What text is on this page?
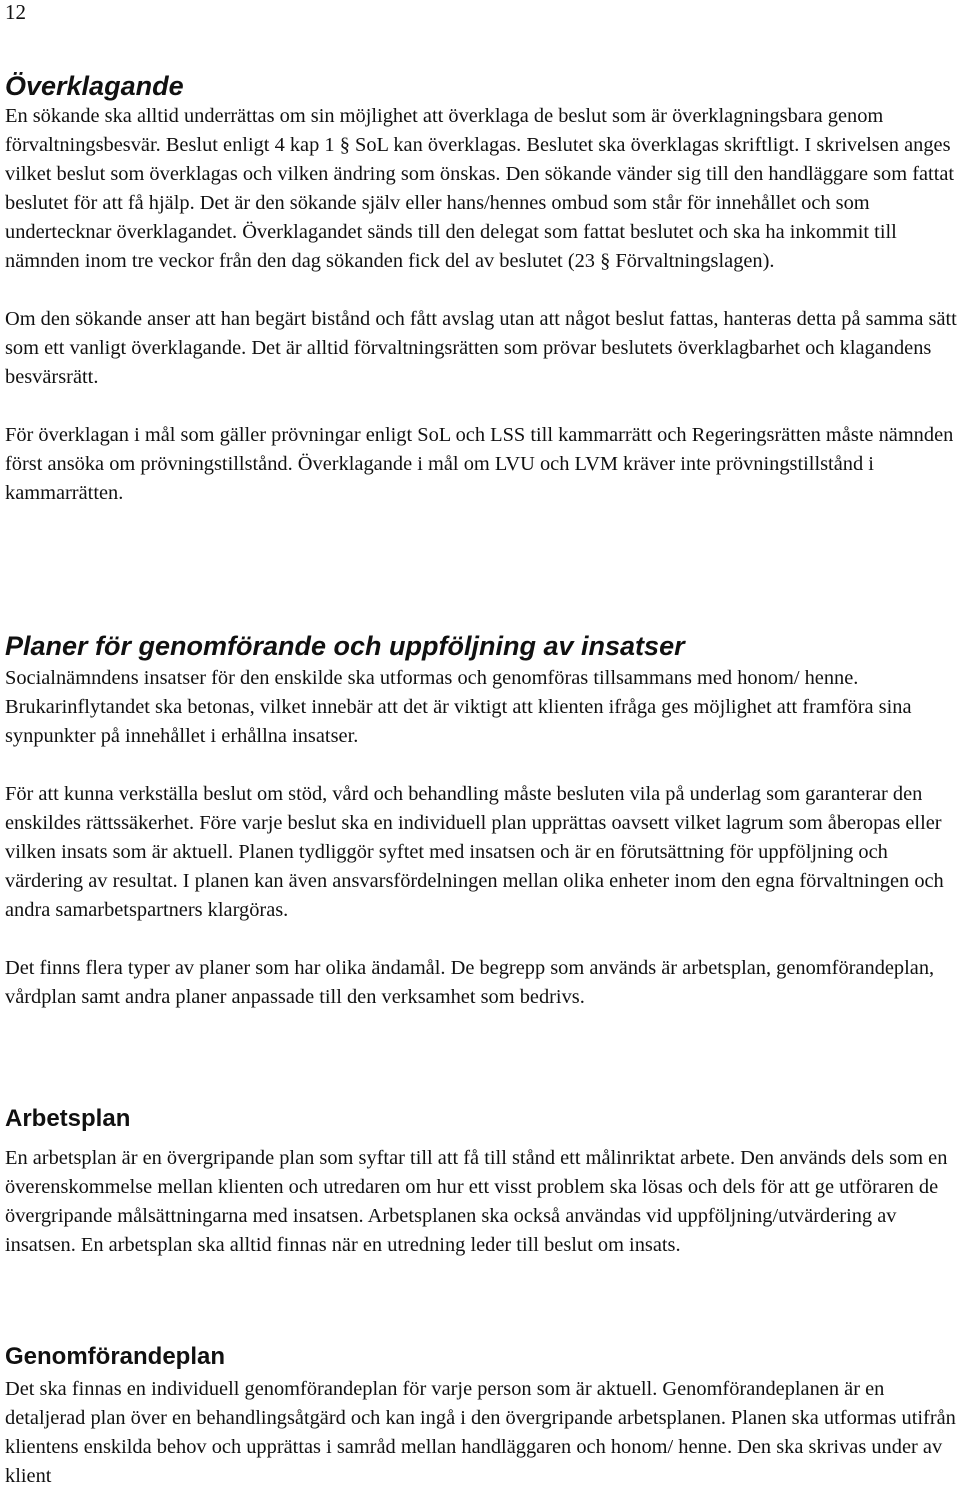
12
Överklagande

En sökande ska alltid underrättas om sin möjlighet att överklaga de beslut som är överklagningsbara genom förvaltningsbesvär. Beslut enligt 4 kap 1 § SoL kan överklagas. Beslutet ska överklagas skriftligt. I skrivelsen anges vilket beslut som överklagas och vilken ändring som önskas. Den sökande vänder sig till den handläggare som fattat beslutet för att få hjälp. Det är den sökande själv eller hans/hennes ombud som står för innehållet och som undertecknar överklagandet. Överklagandet sänds till den delegat som fattat beslutet och ska ha inkommit till nämnden inom tre veckor från den dag sökanden fick del av beslutet (23 § Förvaltningslagen).

Om den sökande anser att han begärt bistånd och fått avslag utan att något beslut fattas, hanteras detta på samma sätt som ett vanligt överklagande. Det är alltid förvaltningsrätten som prövar beslutets överklagbarhet och klagandens besvärsrätt.

För överklagan i mål som gäller prövningar enligt SoL och LSS till kammarrätt och Regeringsrätten måste nämnden först ansöka om prövningstillstånd. Överklagande i mål om LVU och LVM kräver inte prövningstillstånd i kammarrätten.

Planer för genomförande och uppföljning av insatser

Socialnämndens insatser för den enskilde ska utformas och genomföras tillsammans med honom/ henne. Brukarinflytandet ska betonas, vilket innebär att det är viktigt att klienten ifråga ges möjlighet att framföra sina synpunkter på innehållet i erhållna insatser.

För att kunna verkställa beslut om stöd, vård och behandling måste besluten vila på underlag som garanterar den enskildes rättssäkerhet. Före varje beslut ska en individuell plan upprättas oavsett vilket lagrum som åberopas eller vilken insats som är aktuell. Planen tydliggör syftet med insatsen och är en förutsättning för uppföljning och värdering av resultat. I planen kan även ansvarsfördelningen mellan olika enheter inom den egna förvaltningen och andra samarbetspartners klargöras.

Det finns flera typer av planer som har olika ändamål. De begrepp som används är arbetsplan, genomförandeplan, vårdplan samt andra planer anpassade till den verksamhet som bedrivs.

Arbetsplan

En arbetsplan är en övergripande plan som syftar till att få till stånd ett målinriktat arbete. Den används dels som en överenskommelse mellan klienten och utredaren om hur ett visst problem ska lösas och dels för att ge utföraren de övergripande målsättningarna med insatsen. Arbetsplanen ska också användas vid uppföljning/utvärdering av insatsen. En arbetsplan ska alltid finnas när en utredning leder till beslut om insats.

Genomförandeplan

Det ska finnas en individuell genomförandeplan för varje person som är aktuell. Genomförandeplanen är en detaljerad plan över en behandlingsåtgärd och kan ingå i den övergripande arbetsplanen. Planen ska utformas utifrån klientens enskilda behov och upprättas i samråd mellan handläggaren och honom/ henne. Den ska skrivas under av klient
